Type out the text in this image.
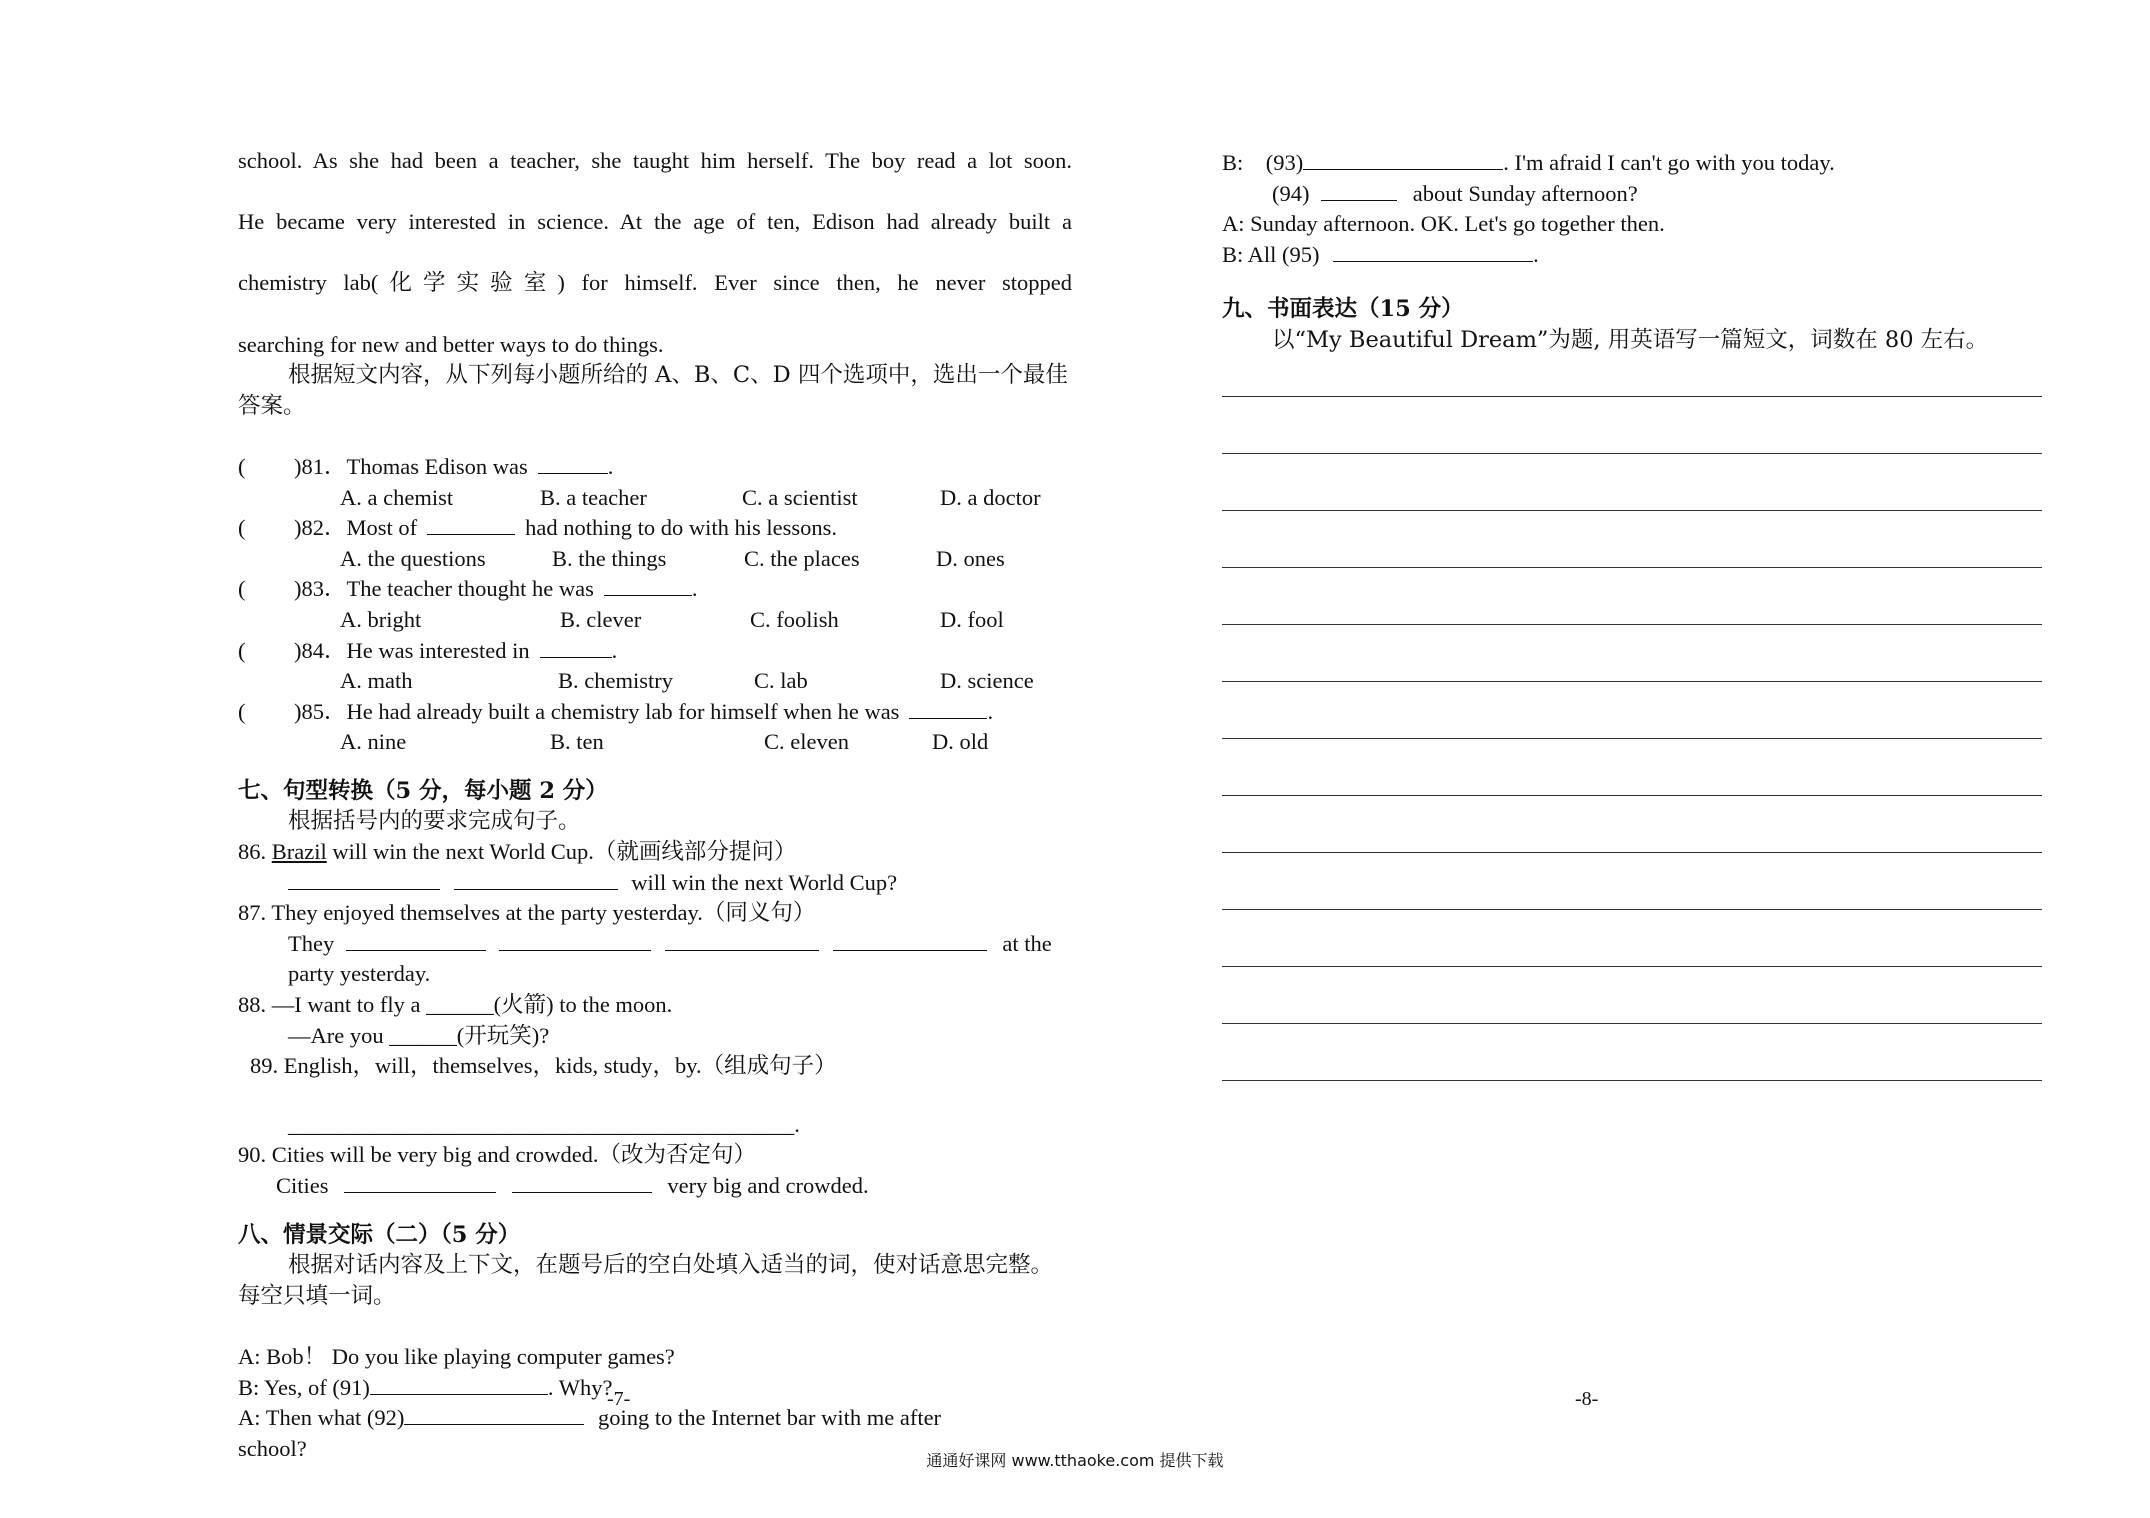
school. As she had been a teacher, she taught him herself. The boy read a lot soon.

He became very interested in science. At the age of ten, Edison had already built a

chemistry lab(化学实验室) for himself. Ever since then, he never stopped

searching for new and better ways to do things.

根据短文内容，从下列每小题所给的 A、B、C、D 四个选项中，选出一个最佳答案。

( )81．Thomas Edison was	.

A. a chemist	B. a teacher	C. a scientist	D. a doctor

( )82．Most of	had nothing to do with his lessons.

A. the questions	B. the things	C. the places	D. ones

( )83．The teacher thought he was	.

A. bright	B. clever	C. foolish	D. fool

( )84．He was interested in	.

A. math	B. chemistry	C. lab	D. science

( )85．He had already built a chemistry lab for himself when he was	.

A. nine	B. ten	C. eleven	D. old

七、句型转换（5 分，每小题 2 分）

根据括号内的要求完成句子。

86. Brazil will win the next World Cup.（就画线部分提问）

will win the next World Cup?

87. They enjoyed themselves at the party yesterday.（同义句）

They	at the

party yesterday.

88. —I want to fly a ______(火箭) to the moon.

—Are you ______(开玩笑)?

89. English，will，themselves，kids, study，by.（组成句子）

_____________________________________________.

90. Cities will be very big and crowded.（改为否定句）

Cities	very big and crowded.

八、情景交际（二）（5 分）

根据对话内容及上下文，在题号后的空白处填入适当的词，使对话意思完整。每空只填一词。

A: Bob！ Do you like playing computer games?

B: Yes, of (91)	. Why?

A: Then what (92)	going to the Internet bar with me after

school?

-7-

B:    (93)	. I'm afraid I can't go with you today.

(94)	about Sunday afternoon?

A: Sunday afternoon. OK. Let's go together then.

B: All (95)	.

九、书面表达（15 分）

以“My Beautiful Dream”为题, 用英语写一篇短文，词数在 80 左右。

-8-
通通好课网 www.tthaoke.com 提供下载
